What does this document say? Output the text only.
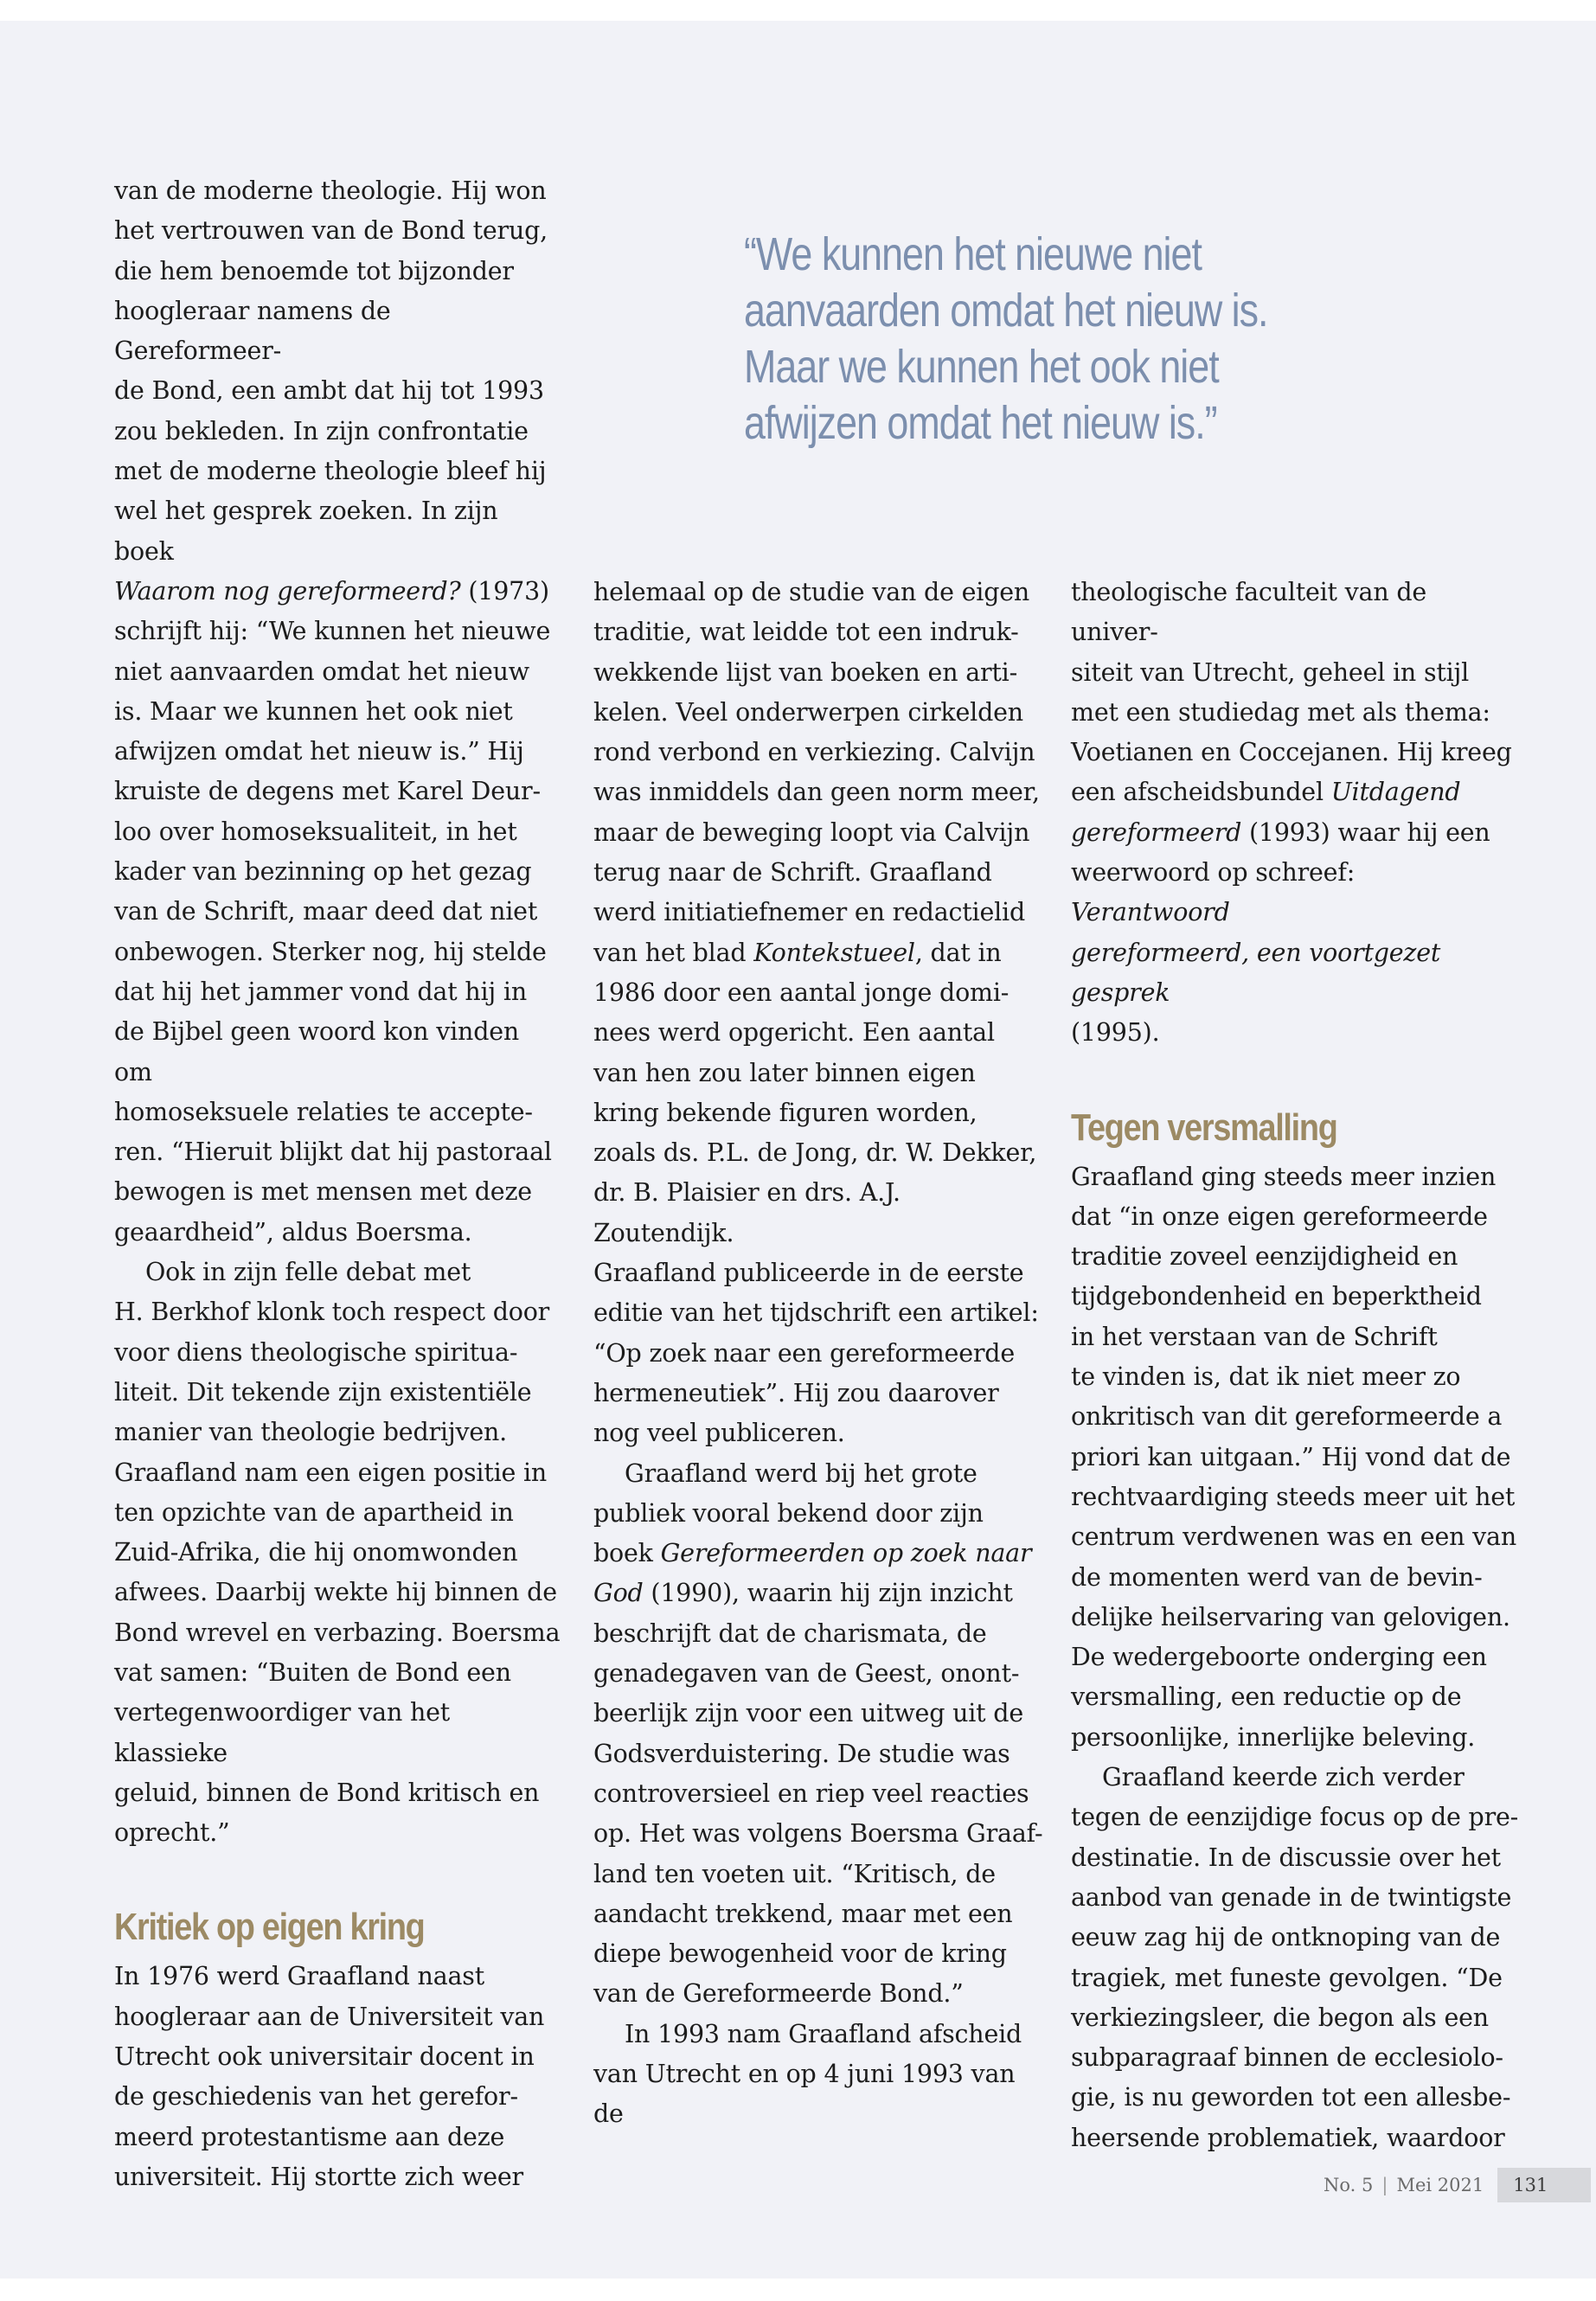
van de moderne theologie. Hij won
het vertrouwen van de Bond terug,
die hem benoemde tot bijzonder
hoogleraar namens de Gereformeer-
de Bond, een ambt dat hij tot 1993
zou bekleden. In zijn confrontatie
met de moderne theologie bleef hij
wel het gesprek zoeken. In zijn boek
Waarom nog gereformeerd? (1973)
schrijft hij: “We kunnen het nieuwe
niet aanvaarden omdat het nieuw
is. Maar we kunnen het ook niet
afwijzen omdat het nieuw is.” Hij
kruiste de degens met Karel Deur-
loo over homoseksualiteit, in het
kader van bezinning op het gezag
van de Schrift, maar deed dat niet
onbewogen. Sterker nog, hij stelde
dat hij het jammer vond dat hij in
de Bijbel geen woord kon vinden om
homoseksuele relaties te accepte-
ren. “Hieruit blijkt dat hij pastoraal
bewogen is met mensen met deze
geaardheid”, aldus Boersma.

Ook in zijn felle debat met
H. Berkhof klonk toch respect door
voor diens theologische spiritua-
liteit. Dit tekende zijn existentiële
manier van theologie bedrijven.
Graafland nam een eigen positie in
ten opzichte van de apartheid in
Zuid-Afrika, die hij onomwonden
afwees. Daarbij wekte hij binnen de
Bond wrevel en verbazing. Boersma
vat samen: “Buiten de Bond een
vertegenwoordiger van het klassieke
geluid, binnen de Bond kritisch en
oprecht.”

Kritiek op eigen kring

In 1976 werd Graafland naast
hoogleraar aan de Universiteit van
Utrecht ook universitair docent in
de geschiedenis van het gerefor-
meerd protestantisme aan deze
universiteit. Hij stortte zich weer

“We kunnen het nieuwe niet
aanvaarden omdat het nieuw is.
Maar we kunnen het ook niet
afwijzen omdat het nieuw is.”

helemaal op de studie van de eigen
traditie, wat leidde tot een indruk-
wekkende lijst van boeken en arti-
kelen. Veel onderwerpen cirkelden
rond verbond en verkiezing. Calvijn
was inmiddels dan geen norm meer,
maar de beweging loopt via Calvijn
terug naar de Schrift. Graafland
werd initiatiefnemer en redactielid
van het blad Kontekstueel, dat in
1986 door een aantal jonge domi-
nees werd opgericht. Een aantal
van hen zou later binnen eigen
kring bekende figuren worden,
zoals ds. P.L. de Jong, dr. W. Dekker,
dr. B. Plaisier en drs. A.J. Zoutendijk.
Graafland publiceerde in de eerste
editie van het tijdschrift een artikel:
“Op zoek naar een gereformeerde
hermeneutiek”. Hij zou daarover
nog veel publiceren.

Graafland werd bij het grote
publiek vooral bekend door zijn
boek Gereformeerden op zoek naar
God (1990), waarin hij zijn inzicht
beschrijft dat de charismata, de
genadegaven van de Geest, onont-
beerlijk zijn voor een uitweg uit de
Godsverduistering. De studie was
controversieel en riep veel reacties
op. Het was volgens Boersma Graaf-
land ten voeten uit. “Kritisch, de
aandacht trekkend, maar met een
diepe bewogenheid voor de kring
van de Gereformeerde Bond.”

In 1993 nam Graafland afscheid
van Utrecht en op 4 juni 1993 van de

theologische faculteit van de univer-
siteit van Utrecht, geheel in stijl
met een studiedag met als thema:
Voetianen en Coccejanen. Hij kreeg
een afscheidsbundel Uitdagend
gereformeerd (1993) waar hij een
weerwoord op schreef: Verantwoord
gereformeerd, een voortgezet gesprek
(1995).

Tegen versmalling

Graafland ging steeds meer inzien
dat “in onze eigen gereformeerde
traditie zoveel eenzijdigheid en
tijdgebondenheid en beperktheid
in het verstaan van de Schrift
te vinden is, dat ik niet meer zo
onkritisch van dit gereformeerde a
priori kan uitgaan.” Hij vond dat de
rechtvaardiging steeds meer uit het
centrum verdwenen was en een van
de momenten werd van de bevin-
delijke heilservaring van gelovigen.
De wedergeboorte onderging een
versmalling, een reductie op de
persoonlijke, innerlijke beleving.

Graafland keerde zich verder
tegen de eenzijdige focus op de pre-
destinatie. In de discussie over het
aanbod van genade in de twintigste
eeuw zag hij de ontknoping van de
tragiek, met funeste gevolgen. “De
verkiezingsleer, die begon als een
subparagraaf binnen de ecclesiolo-
gie, is nu geworden tot een allesbe-
heersende problematiek, waardoor

No. 5 | Mei 2021 131
